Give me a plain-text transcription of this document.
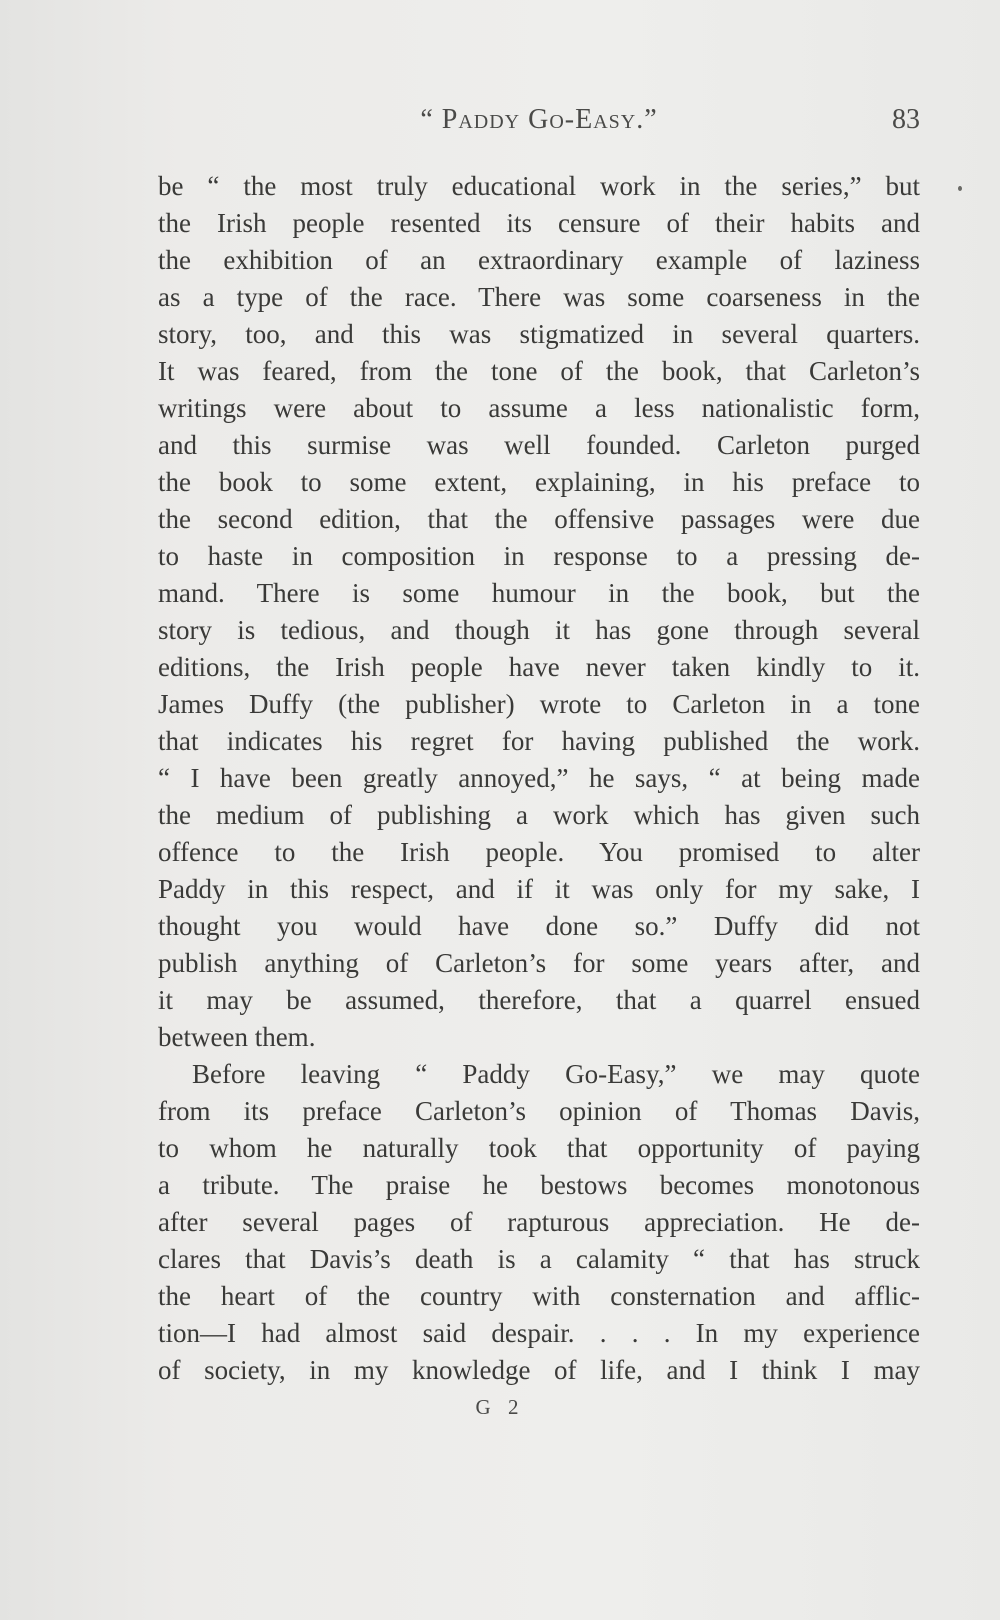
“ Paddy Go-Easy.”	83
be “ the most truly educational work in the series,” but
the Irish people resented its censure of their habits and
the exhibition of an extraordinary example of laziness
as a type of the race. There was some coarseness in the
story, too, and this was stigmatized in several quarters.
It was feared, from the tone of the book, that Carleton’s
writings were about to assume a less nationalistic form,
and this surmise was well founded. Carleton purged
the book to some extent, explaining, in his preface to
the second edition, that the offensive passages were due
to haste in composition in response to a pressing de-
mand. There is some humour in the book, but the
story is tedious, and though it has gone through several
editions, the Irish people have never taken kindly to it.
James Duffy (the publisher) wrote to Carleton in a tone
that indicates his regret for having published the work.
“ I have been greatly annoyed,” he says, “ at being made
the medium of publishing a work which has given such
offence to the Irish people. You promised to alter
Paddy in this respect, and if it was only for my sake, I
thought you would have done so.” Duffy did not
publish anything of Carleton’s for some years after, and
it may be assumed, therefore, that a quarrel ensued
between them.
Before leaving “ Paddy Go-Easy,” we may quote
from its preface Carleton’s opinion of Thomas Davis,
to whom he naturally took that opportunity of paying
a tribute. The praise he bestows becomes monotonous
after several pages of rapturous appreciation. He de-
clares that Davis’s death is a calamity “ that has struck
the heart of the country with consternation and afflic-
tion—I had almost said despair. . . . In my experience
of society, in my knowledge of life, and I think I may
G 2
